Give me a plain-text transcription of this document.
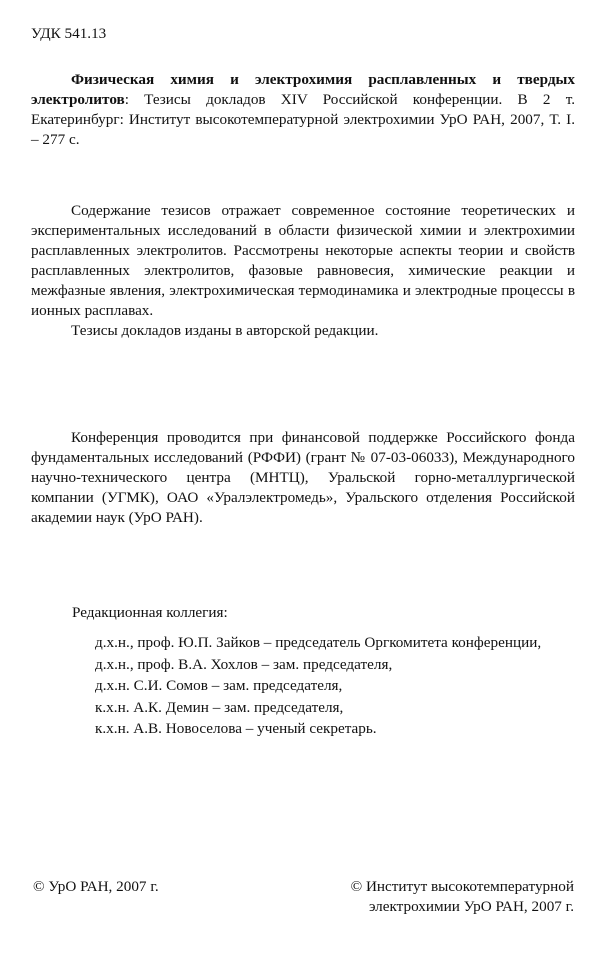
УДК 541.13

Физическая химия и электрохимия расплавленных и твердых электролитов: Тезисы докладов XIV Российской конференции. В 2 т. Екатеринбург: Институт высокотемпературной электрохимии УрО РАН, 2007, Т. I. – 277 с.

Содержание тезисов отражает современное состояние теоретических и экспериментальных исследований в области физической химии и электрохимии расплавленных электролитов. Рассмотрены некоторые аспекты теории и свойств расплавленных электролитов, фазовые равновесия, химические реакции и межфазные явления, электрохимическая термодинамика и электродные процессы в ионных расплавах.

Тезисы докладов изданы в авторской редакции.

Конференция проводится при финансовой поддержке Российского фонда фундаментальных исследований (РФФИ) (грант № 07-03-06033), Международного научно-технического центра (МНТЦ), Уральской горно-металлургической компании (УГМК), ОАО «Уралэлектромедь», Уральского отделения Российской академии наук (УрО РАН).

Редакционная коллегия:
д.х.н., проф. Ю.П. Зайков – председатель Оргкомитета конференции,
д.х.н., проф. В.А. Хохлов – зам. председателя,
д.х.н. С.И. Сомов – зам. председателя,
к.х.н. А.К. Демин – зам. председателя,
к.х.н. А.В. Новоселова – ученый секретарь.
© УрО РАН, 2007 г.	© Институт высокотемпературной
электрохимии УрО РАН, 2007 г.
